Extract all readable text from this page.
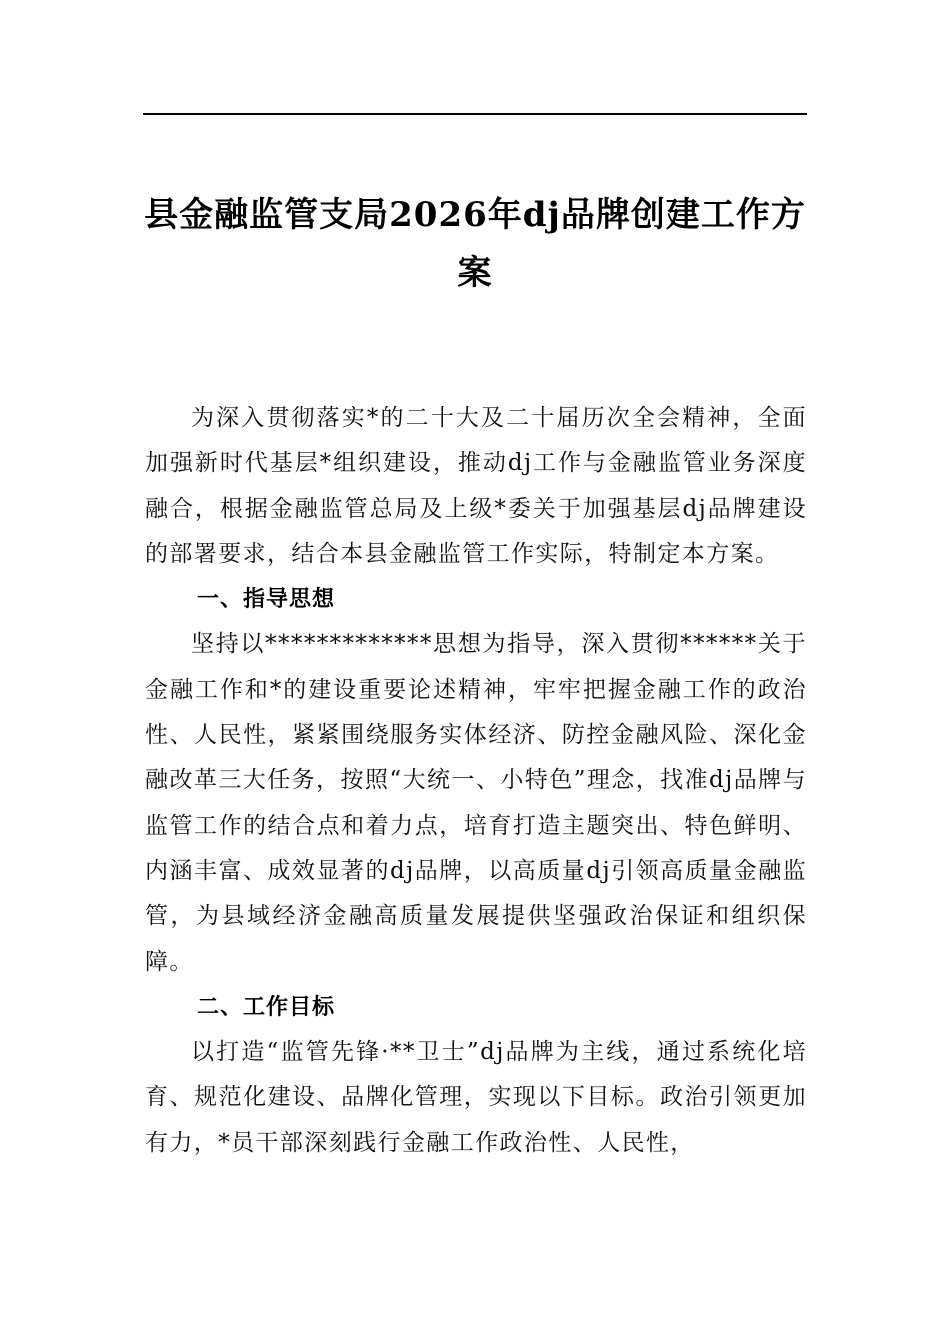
县金融监管支局2026年dj品牌创建工作方案

为深入贯彻落实*的二十大及二十届历次全会精神，全面加强新时代基层*组织建设，推动dj工作与金融监管业务深度融合，根据金融监管总局及上级*委关于加强基层dj品牌建设的部署要求，结合本县金融监管工作实际，特制定本方案。

一、指导思想

坚持以*************思想为指导，深入贯彻******关于金融工作和*的建设重要论述精神，牢牢把握金融工作的政治性、人民性，紧紧围绕服务实体经济、防控金融风险、深化金融改革三大任务，按照“大统一、小特色”理念，找准dj品牌与监管工作的结合点和着力点，培育打造主题突出、特色鲜明、内涵丰富、成效显著的dj品牌，以高质量dj引领高质量金融监管，为县域经济金融高质量发展提供坚强政治保证和组织保障。

二、工作目标

以打造“监管先锋·**卫士”dj品牌为主线，通过系统化培育、规范化建设、品牌化管理，实现以下目标。政治引领更加有力，*员干部深刻践行金融工作政治性、人民性，
